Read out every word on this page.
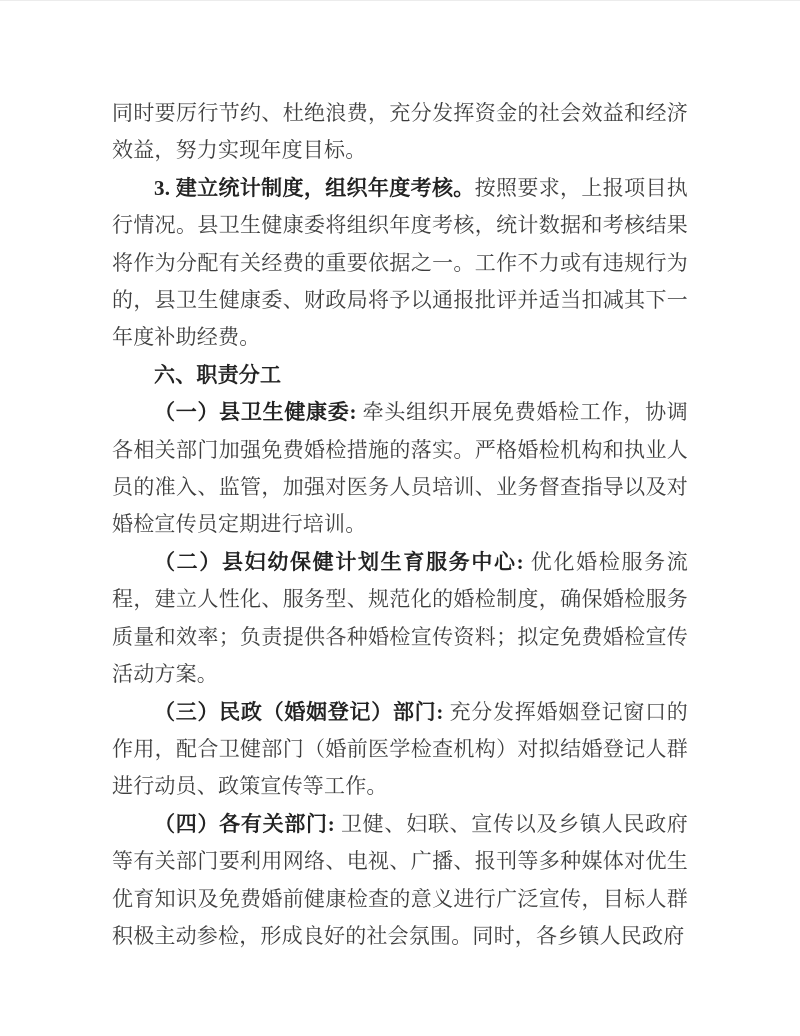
同时要厉行节约、杜绝浪费，充分发挥资金的社会效益和经济效益，努力实现年度目标。

3. 建立统计制度，组织年度考核。按照要求，上报项目执行情况。县卫生健康委将组织年度考核，统计数据和考核结果将作为分配有关经费的重要依据之一。工作不力或有违规行为的，县卫生健康委、财政局将予以通报批评并适当扣减其下一年度补助经费。

六、职责分工

（一）县卫生健康委: 牵头组织开展免费婚检工作，协调各相关部门加强免费婚检措施的落实。严格婚检机构和执业人员的准入、监管，加强对医务人员培训、业务督查指导以及对婚检宣传员定期进行培训。

（二）县妇幼保健计划生育服务中心: 优化婚检服务流程，建立人性化、服务型、规范化的婚检制度，确保婚检服务质量和效率；负责提供各种婚检宣传资料；拟定免费婚检宣传活动方案。

（三）民政（婚姻登记）部门: 充分发挥婚姻登记窗口的作用，配合卫健部门（婚前医学检查机构）对拟结婚登记人群进行动员、政策宣传等工作。

（四）各有关部门: 卫健、妇联、宣传以及乡镇人民政府等有关部门要利用网络、电视、广播、报刊等多种媒体对优生优育知识及免费婚前健康检查的意义进行广泛宣传，目标人群积极主动参检，形成良好的社会氛围。同时，各乡镇人民政府
